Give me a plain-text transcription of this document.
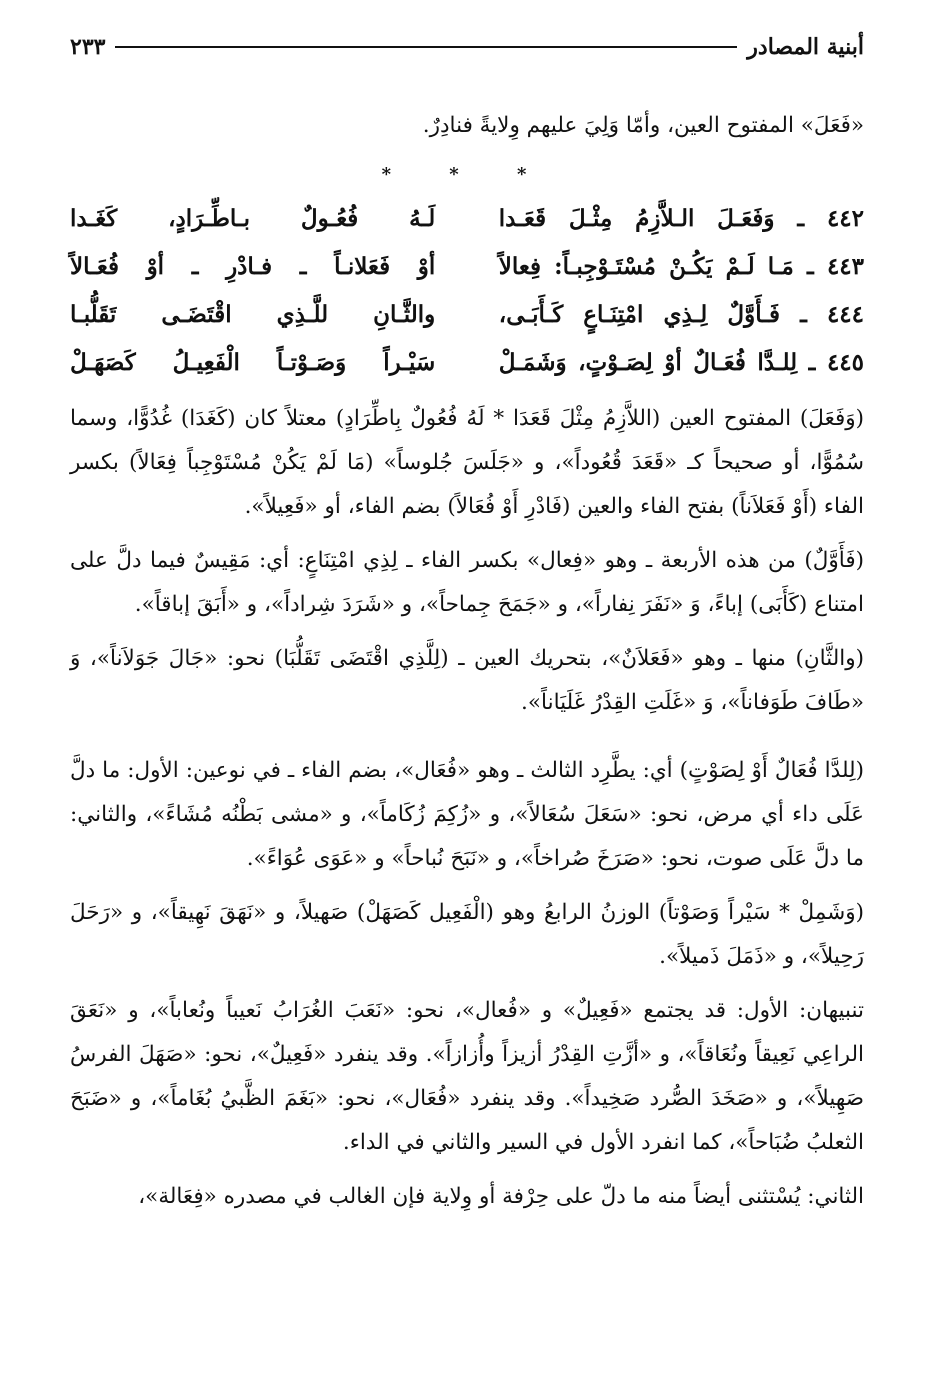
أبنية المصادر
٢٣٣

«فَعَلَ» المفتوح العين، وأمّا وَلِيَ عليهم وِلايةً فنادِرٌ.

* * *
٤٤٢ ـ وَفَعَـلَ الـلاَّزِمُ مِثْـلَ قَعَـدا
لَـهُ فُعُـولٌ بـاطِّـرَادٍ، كَغَـدا
٤٤٣ ـ مَـا لَـمْ يَكُـنْ مُسْتَـوْجِبـاً: فِعالاً
أوْ فَعَلانـاً ـ فـادْرِ ـ أوْ فُعَـالاً
٤٤٤ ـ فَـأَوَّلٌ لِـذِي امْتِنَـاعٍ كَـأَبَـى،
والثَّـانِ للَّـذِي اقْتَضَـى تَقَلُّبـا
٤٤٥ ـ لِلـدَّا فُعَـالٌ أوْ لِصَـوْتٍ، وَشَمَـلْ
سَيْـراً وَصَـوْتـاً الْفَعِيـلُ كَصَهَـلْ

(وَفَعَلَ) المفتوح العين (اللاَّزِمُ مِثْلَ قَعَدَا * لَهُ فُعُولٌ بِاطِّرَادٍ) معتلاً كان (كَغَدَا) غُدُوًّا، وسما سُمُوًّا، أو صحيحاً كـ «قَعَدَ قُعُوداً»، و «جَلَسَ جُلوساً» (مَا لَمْ يَكُنْ مُسْتَوْجِباً فِعَالاً) بكسر الفاء (أَوْ فَعَلاَناً) بفتح الفاء والعين (فَادْرِ أَوْ فُعَالاً) بضم الفاء، أو «فَعِيلاً».

(فَأَوَّلٌ) من هذه الأربعة ـ وهو «فِعال» بكسر الفاء ـ لِذِي امْتِنَاعٍ: أي: مَقِيسٌ فيما دلَّ على امتناع (كَأَبَى) إباءً، وَ «نَفَرَ نِفاراً»، و «جَمَحَ جِماحاً»، و «شَرَدَ شِراداً»، و «أَبَقَ إباقاً».

(والثَّانِ) منها ـ وهو «فَعَلاَنٌ»، بتحريك العين ـ (لِلَّذِي اقْتَضَى تَقَلُّبَا) نحو: «جَالَ جَوَلاَناً»، وَ «طَافَ طَوَفاناً»، وَ «غَلَتِ القِدْرُ غَلَيَاناً».

(لِلدَّا فُعَالٌ أَوْ لِصَوْتٍ) أي: يطَّرِد الثالث ـ وهو «فُعَال»، بضم الفاء ـ في نوعين: الأول: ما دلَّ عَلَى داء أي مرض، نحو: «سَعَلَ سُعَالاً»، و «زُكِمَ زُكَاماً»، و «مشى بَطْنُه مُشَاءً»، والثاني: ما دلَّ عَلَى صوت، نحو: «صَرَخَ صُراخاً»، و «نَبَحَ نُباحاً» و «عَوَى عُوَاءً».

(وَشَمِلْ * سَيْراً وَصَوْتاً) الوزنُ الرابعُ وهو (الْفَعِيل كَصَهَلْ) صَهيلاً، و «نَهَقَ نَهِيقاً»، و «رَحَلَ رَحِيلاً»، و «ذَمَلَ ذَميلاً».

تنبيهان: الأول: قد يجتمع «فَعِيلٌ» و «فُعال»، نحو: «نَعَبَ الغُرَابُ نَعيباً ونُعاباً»، و «نَعَقَ الراعِي نَعِيقاً ونُعَاقاً»، و «أزَّتِ القِدْرُ أزيزاً وأُزازاً». وقد ينفرد «فَعِيلٌ»، نحو: «صَهَلَ الفرسُ صَهِيلاً»، و «صَخَدَ الصُّرد صَخِيداً». وقد ينفرد «فُعَال»، نحو: «بَغَمَ الظَّبيُ بُغَاماً»، و «ضَبَحَ الثعلبُ ضُبَاحاً»، كما انفرد الأول في السير والثاني في الداء.

الثاني: يُسْتثنى أيضاً منه ما دلّ على حِرْفة أو وِلاية فإن الغالب في مصدره «فِعَالة»،
